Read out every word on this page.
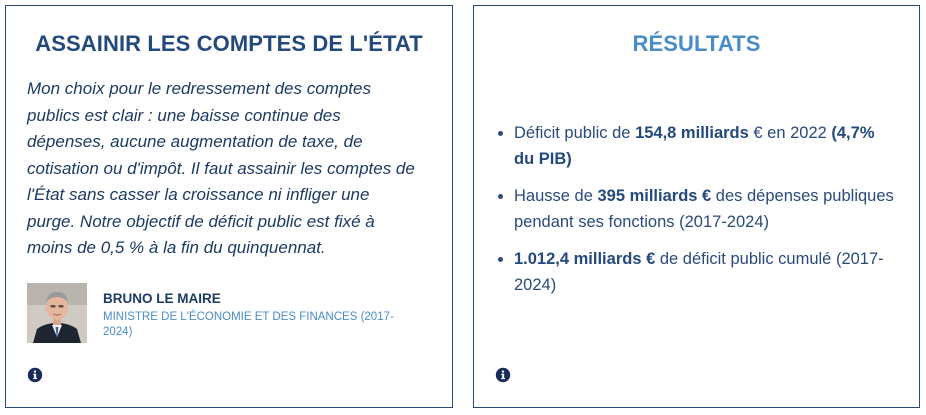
ASSAINIR LES COMPTES DE L'ÉTAT

Mon choix pour le redressement des comptes publics est clair : une baisse continue des dépenses, aucune augmentation de taxe, de cotisation ou d'impôt. Il faut assainir les comptes de l'État sans casser la croissance ni infliger une purge. Notre objectif de déficit public est fixé à moins de 0,5 % à la fin du quinquennat.

BRUNO LE MAIRE
MINISTRE DE L'ÉCONOMIE ET DES FINANCES (2017-2024)
RÉSULTATS
Déficit public de 154,8 milliards € en 2022 (4,7% du PIB)
Hausse de 395 milliards € des dépenses publiques pendant ses fonctions (2017-2024)
1.012,4 milliards € de déficit public cumulé (2017-2024)
